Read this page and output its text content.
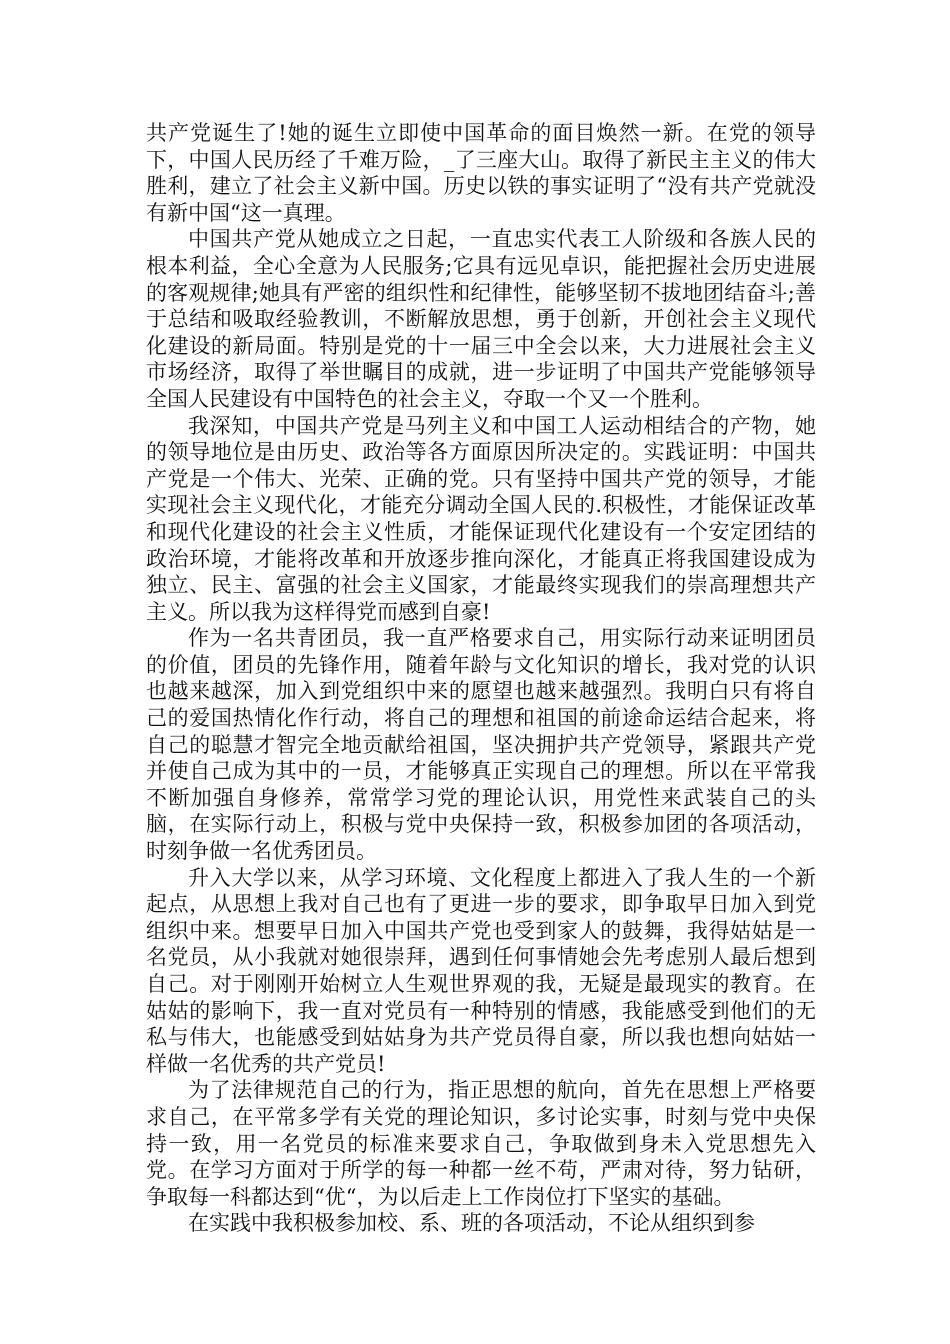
共产党诞生了!她的诞生立即使中国革命的面目焕然一新。在党的领导下，中国人民历经了千难万险，_了三座大山。取得了新民主主义的伟大胜利，建立了社会主义新中国。历史以铁的事实证明了“没有共产党就没有新中国“这一真理。

中国共产党从她成立之日起，一直忠实代表工人阶级和各族人民的根本利益，全心全意为人民服务;它具有远见卓识，能把握社会历史进展的客观规律;她具有严密的组织性和纪律性，能够坚韧不拔地团结奋斗;善于总结和吸取经验教训，不断解放思想，勇于创新，开创社会主义现代化建设的新局面。特别是党的十一届三中全会以来，大力进展社会主义市场经济，取得了举世瞩目的成就，进一步证明了中国共产党能够领导全国人民建设有中国特色的社会主义，夺取一个又一个胜利。

我深知，中国共产党是马列主义和中国工人运动相结合的产物，她的领导地位是由历史、政治等各方面原因所决定的。实践证明：中国共产党是一个伟大、光荣、正确的党。只有坚持中国共产党的领导，才能实现社会主义现代化，才能充分调动全国人民的.积极性，才能保证改革和现代化建设的社会主义性质，才能保证现代化建设有一个安定团结的政治环境，才能将改革和开放逐步推向深化，才能真正将我国建设成为独立、民主、富强的社会主义国家，才能最终实现我们的崇高理想共产主义。所以我为这样得党而感到自豪!

作为一名共青团员，我一直严格要求自己，用实际行动来证明团员的价值，团员的先锋作用，随着年龄与文化知识的增长，我对党的认识也越来越深，加入到党组织中来的愿望也越来越强烈。我明白只有将自己的爱国热情化作行动，将自己的理想和祖国的前途命运结合起来，将自己的聪慧才智完全地贡献给祖国，坚决拥护共产党领导，紧跟共产党并使自己成为其中的一员，才能够真正实现自己的理想。所以在平常我不断加强自身修养，常常学习党的理论认识，用党性来武装自己的头脑，在实际行动上，积极与党中央保持一致，积极参加团的各项活动，时刻争做一名优秀团员。

升入大学以来，从学习环境、文化程度上都进入了我人生的一个新起点，从思想上我对自己也有了更进一步的要求，即争取早日加入到党组织中来。想要早日加入中国共产党也受到家人的鼓舞，我得姑姑是一名党员，从小我就对她很崇拜，遇到任何事情她会先考虑别人最后想到自己。对于刚刚开始树立人生观世界观的我，无疑是最现实的教育。在姑姑的影响下，我一直对党员有一种特别的情感，我能感受到他们的无私与伟大，也能感受到姑姑身为共产党员得自豪，所以我也想向姑姑一样做一名优秀的共产党员!

为了法律规范自己的行为，指正思想的航向，首先在思想上严格要求自己，在平常多学有关党的理论知识，多讨论实事，时刻与党中央保持一致，用一名党员的标准来要求自己，争取做到身未入党思想先入党。在学习方面对于所学的每一种都一丝不苟，严肃对待，努力钻研，争取每一科都达到“优“，为以后走上工作岗位打下坚实的基础。

在实践中我积极参加校、系、班的各项活动，不论从组织到参
